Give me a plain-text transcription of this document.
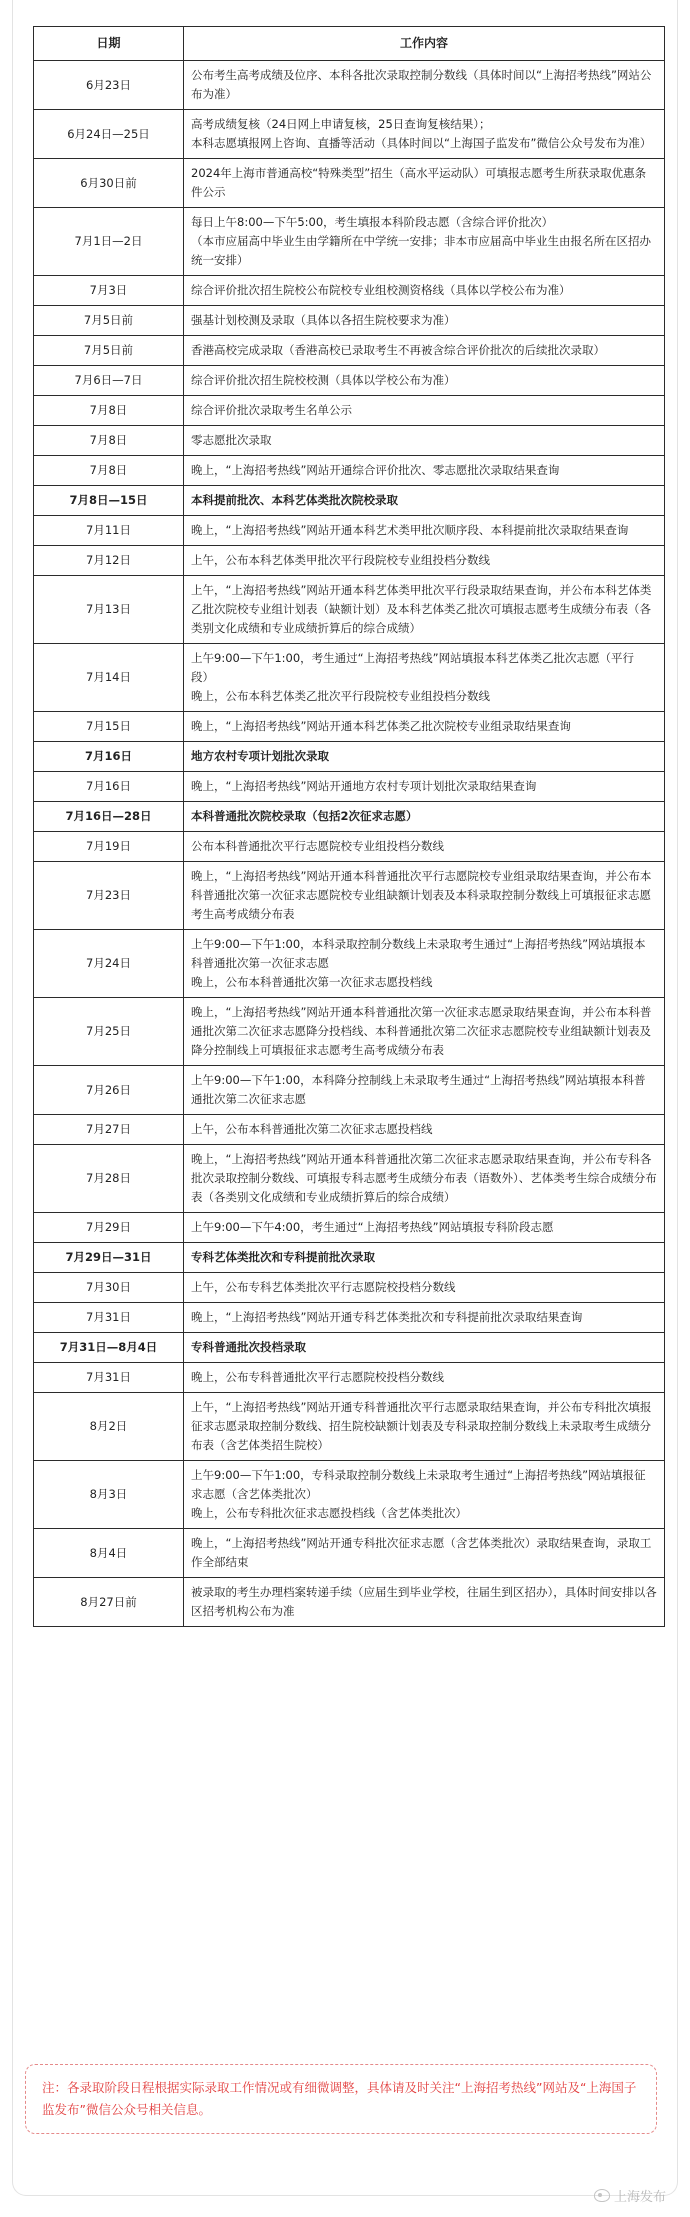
日期	工作内容
6月23日	公布考生高考成绩及位序、本科各批次录取控制分数线（具体时间以“上海招考热线”网站公布为准）
6月24日—25日	高考成绩复核（24日网上申请复核，25日查询复核结果）；
本科志愿填报网上咨询、直播等活动（具体时间以“上海国子监发布”微信公众号发布为准）
6月30日前	2024年上海市普通高校“特殊类型”招生（高水平运动队）可填报志愿考生所获录取优惠条件公示
7月1日—2日	每日上午8:00—下午5:00，考生填报本科阶段志愿（含综合评价批次）
（本市应届高中毕业生由学籍所在中学统一安排；非本市应届高中毕业生由报名所在区招办统一安排）
7月3日	综合评价批次招生院校公布院校专业组校测资格线（具体以学校公布为准）
7月5日前	强基计划校测及录取（具体以各招生院校要求为准）
7月5日前	香港高校完成录取（香港高校已录取考生不再被含综合评价批次的后续批次录取）
7月6日—7日	综合评价批次招生院校校测（具体以学校公布为准）
7月8日	综合评价批次录取考生名单公示
7月8日	零志愿批次录取
7月8日	晚上，“上海招考热线”网站开通综合评价批次、零志愿批次录取结果查询
7月8日—15日	本科提前批次、本科艺体类批次院校录取
7月11日	晚上，“上海招考热线”网站开通本科艺术类甲批次顺序段、本科提前批次录取结果查询
7月12日	上午，公布本科艺体类甲批次平行段院校专业组投档分数线
7月13日	上午，“上海招考热线”网站开通本科艺体类甲批次平行段录取结果查询，并公布本科艺体类乙批次院校专业组计划表（缺额计划）及本科艺体类乙批次可填报志愿考生成绩分布表（各类别文化成绩和专业成绩折算后的综合成绩）
7月14日	上午9:00—下午1:00，考生通过“上海招考热线”网站填报本科艺体类乙批次志愿（平行段）
晚上，公布本科艺体类乙批次平行段院校专业组投档分数线
7月15日	晚上，“上海招考热线”网站开通本科艺体类乙批次院校专业组录取结果查询
7月16日	地方农村专项计划批次录取
7月16日	晚上，“上海招考热线”网站开通地方农村专项计划批次录取结果查询
7月16日—28日	本科普通批次院校录取（包括2次征求志愿）
7月19日	公布本科普通批次平行志愿院校专业组投档分数线
7月23日	晚上，“上海招考热线”网站开通本科普通批次平行志愿院校专业组录取结果查询，并公布本科普通批次第一次征求志愿院校专业组缺额计划表及本科录取控制分数线上可填报征求志愿考生高考成绩分布表
7月24日	上午9:00—下午1:00，本科录取控制分数线上未录取考生通过“上海招考热线”网站填报本科普通批次第一次征求志愿
晚上，公布本科普通批次第一次征求志愿投档线
7月25日	晚上，“上海招考热线”网站开通本科普通批次第一次征求志愿录取结果查询，并公布本科普通批次第二次征求志愿降分投档线、本科普通批次第二次征求志愿院校专业组缺额计划表及降分控制线上可填报征求志愿考生高考成绩分布表
7月26日	上午9:00—下午1:00，本科降分控制线上未录取考生通过“上海招考热线”网站填报本科普通批次第二次征求志愿
7月27日	上午，公布本科普通批次第二次征求志愿投档线
7月28日	晚上，“上海招考热线”网站开通本科普通批次第二次征求志愿录取结果查询，并公布专科各批次录取控制分数线、可填报专科志愿考生成绩分布表（语数外）、艺体类考生综合成绩分布表（各类别文化成绩和专业成绩折算后的综合成绩）
7月29日	上午9:00—下午4:00，考生通过“上海招考热线”网站填报专科阶段志愿
7月29日—31日	专科艺体类批次和专科提前批次录取
7月30日	上午，公布专科艺体类批次平行志愿院校投档分数线
7月31日	晚上，“上海招考热线”网站开通专科艺体类批次和专科提前批次录取结果查询
7月31日—8月4日	专科普通批次投档录取
7月31日	晚上，公布专科普通批次平行志愿院校投档分数线
8月2日	上午，“上海招考热线”网站开通专科普通批次平行志愿录取结果查询，并公布专科批次填报征求志愿录取控制分数线、招生院校缺额计划表及专科录取控制分数线上未录取考生成绩分布表（含艺体类招生院校）
8月3日	上午9:00—下午1:00，专科录取控制分数线上未录取考生通过“上海招考热线”网站填报征求志愿（含艺体类批次）
晚上，公布专科批次征求志愿投档线（含艺体类批次）
8月4日	晚上，“上海招考热线”网站开通专科批次征求志愿（含艺体类批次）录取结果查询，录取工作全部结束
8月27日前	被录取的考生办理档案转递手续（应届生到毕业学校，往届生到区招办），具体时间安排以各区招考机构公布为准
注：各录取阶段日程根据实际录取工作情况或有细微调整，具体请及时关注“上海招考热线”网站及“上海国子监发布”微信公众号相关信息。
上海发布
